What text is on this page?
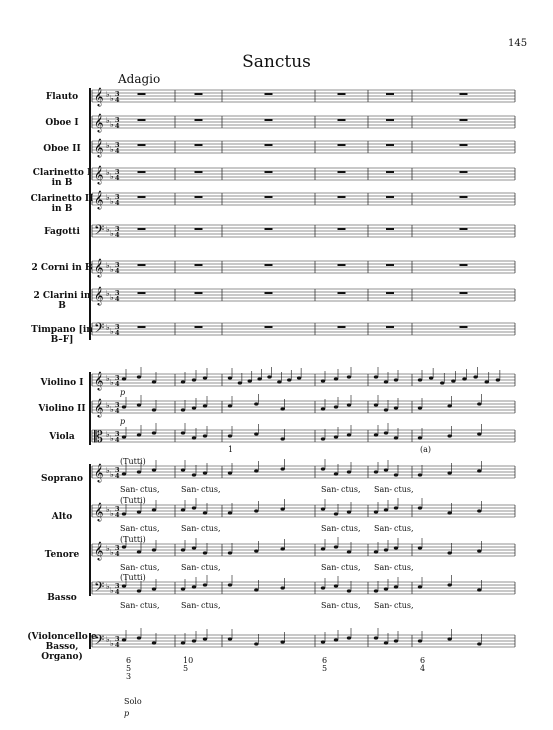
145
Sanctus
Adagio
Flauto
Oboe I
Oboe II
Clarinetto I in B
Clarinetto II in B
Fagotti
2 Corni in B
2 Clarini in B
Timpano [in B–F]
Violino I
Violino II
Viola
Soprano
Alto
Tenore
Basso
(Violoncello e Basso, Organo)
𝄞 ♭ ♭ 3
4
𝄞 ♭ ♭ 3
4
𝄞 ♭ ♭ 3
4
𝄞 ♭ ♭ 3
4
𝄞 ♭ ♭ 3
4
𝄢 ♭ ♭ 3
4
𝄞 ♭ ♭ 3
4
𝄞 ♭ ♭ 3
4
𝄢 ♭ ♭ 3
4
𝄞 ♭ ♭ 3
4
𝄞 ♭ ♭ 3
4
𝄡 ♭ ♭ 3
4
𝄞 ♭ ♭ 3
4
𝄞 ♭ ♭ 3
4
𝄞 ♭ ♭ 3
4
𝄢 ♭ ♭ 3
4
𝄢 ♭ ♭ 3
4
p
p
1	(a)
(Tutti)
(Tutti)
(Tutti)
(Tutti)
Solo
p
San- ctus,	San- ctus,	San- ctus, San- ctus,
San- ctus,	San- ctus,	San- ctus, San- ctus,
San- ctus,	San- ctus,	San- ctus, San- ctus,
San- ctus,	San- ctus,	San- ctus, San- ctus,
6
5
3
10
5
6
5
6
4
